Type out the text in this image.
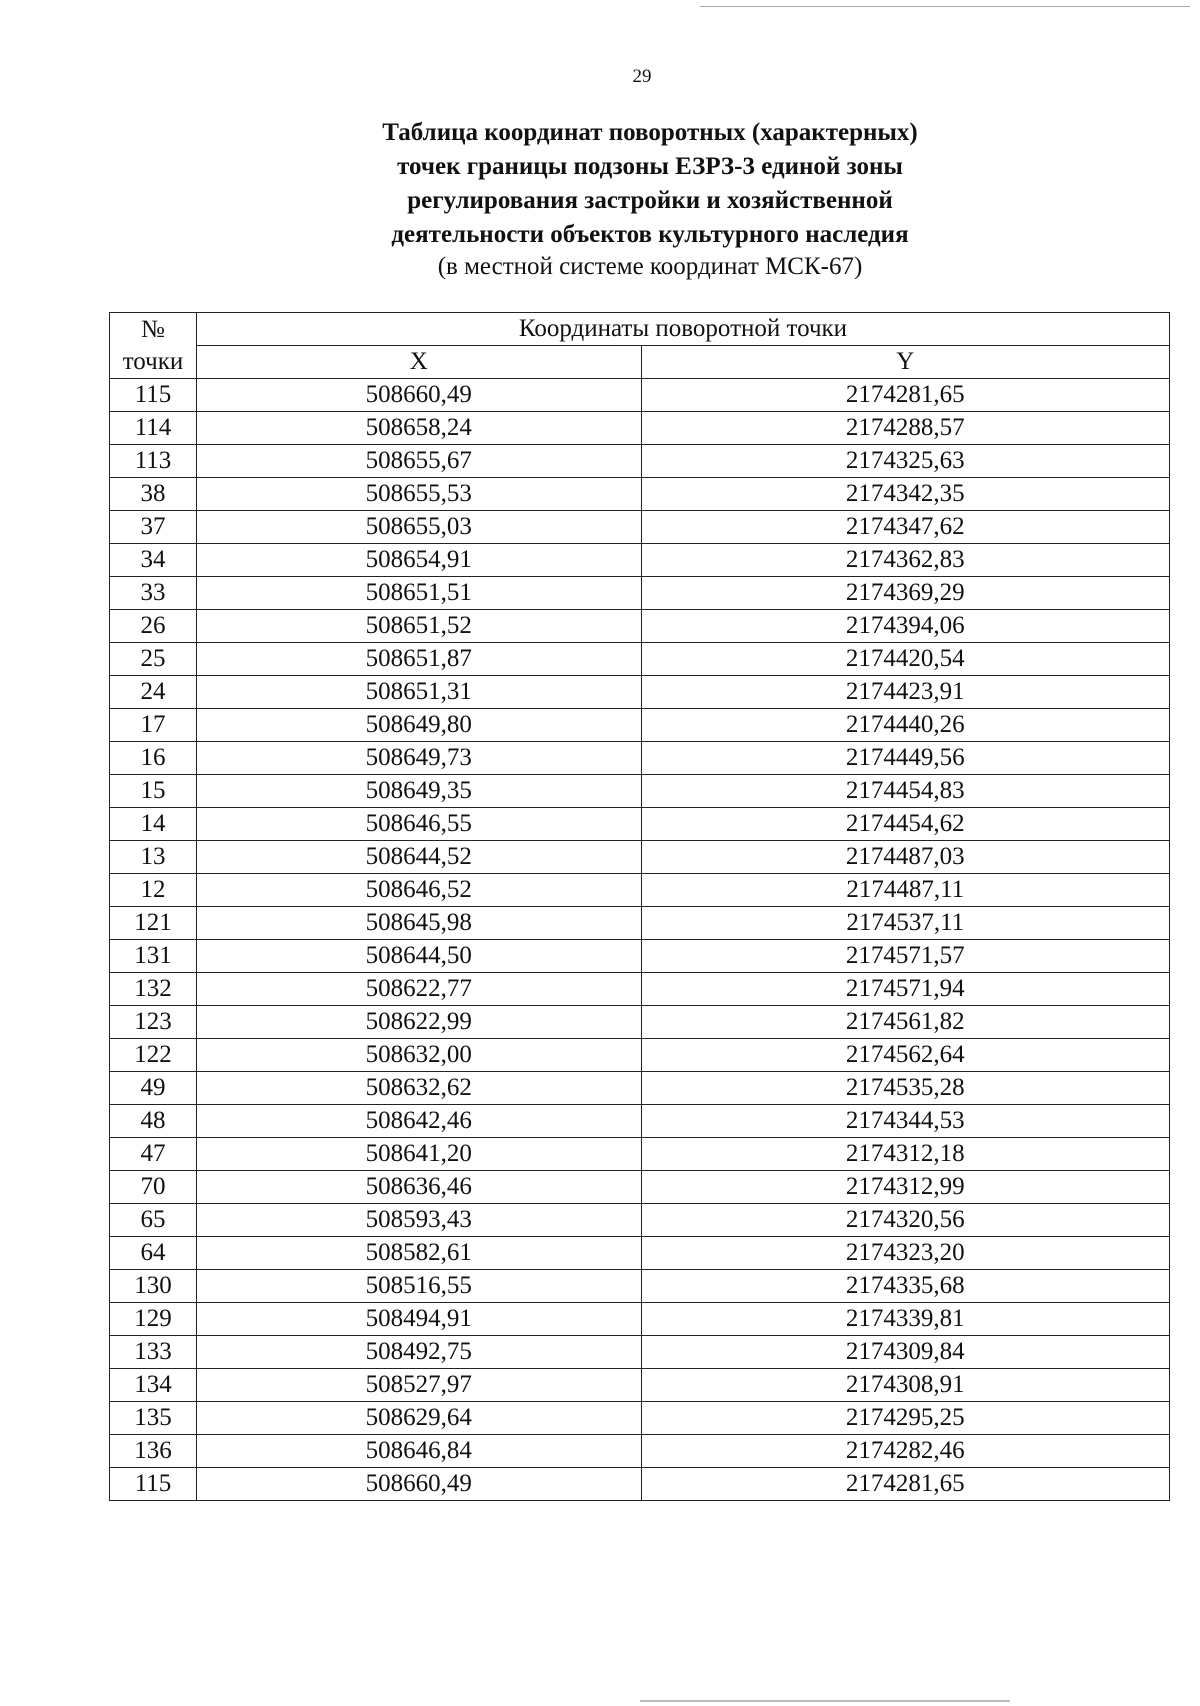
29
Таблица координат поворотных (характерных)
точек границы подзоны ЕЗРЗ-3 единой зоны
регулирования застройки и хозяйственной
деятельности объектов культурного наследия
(в местной системе координат МСК-67)
№
точки	Координаты поворотной точки	
	X	Y
115	508660,49	2174281,65
114	508658,24	2174288,57
113	508655,67	2174325,63
38	508655,53	2174342,35
37	508655,03	2174347,62
34	508654,91	2174362,83
33	508651,51	2174369,29
26	508651,52	2174394,06
25	508651,87	2174420,54
24	508651,31	2174423,91
17	508649,80	2174440,26
16	508649,73	2174449,56
15	508649,35	2174454,83
14	508646,55	2174454,62
13	508644,52	2174487,03
12	508646,52	2174487,11
121	508645,98	2174537,11
131	508644,50	2174571,57
132	508622,77	2174571,94
123	508622,99	2174561,82
122	508632,00	2174562,64
49	508632,62	2174535,28
48	508642,46	2174344,53
47	508641,20	2174312,18
70	508636,46	2174312,99
65	508593,43	2174320,56
64	508582,61	2174323,20
130	508516,55	2174335,68
129	508494,91	2174339,81
133	508492,75	2174309,84
134	508527,97	2174308,91
135	508629,64	2174295,25
136	508646,84	2174282,46
115	508660,49	2174281,65
